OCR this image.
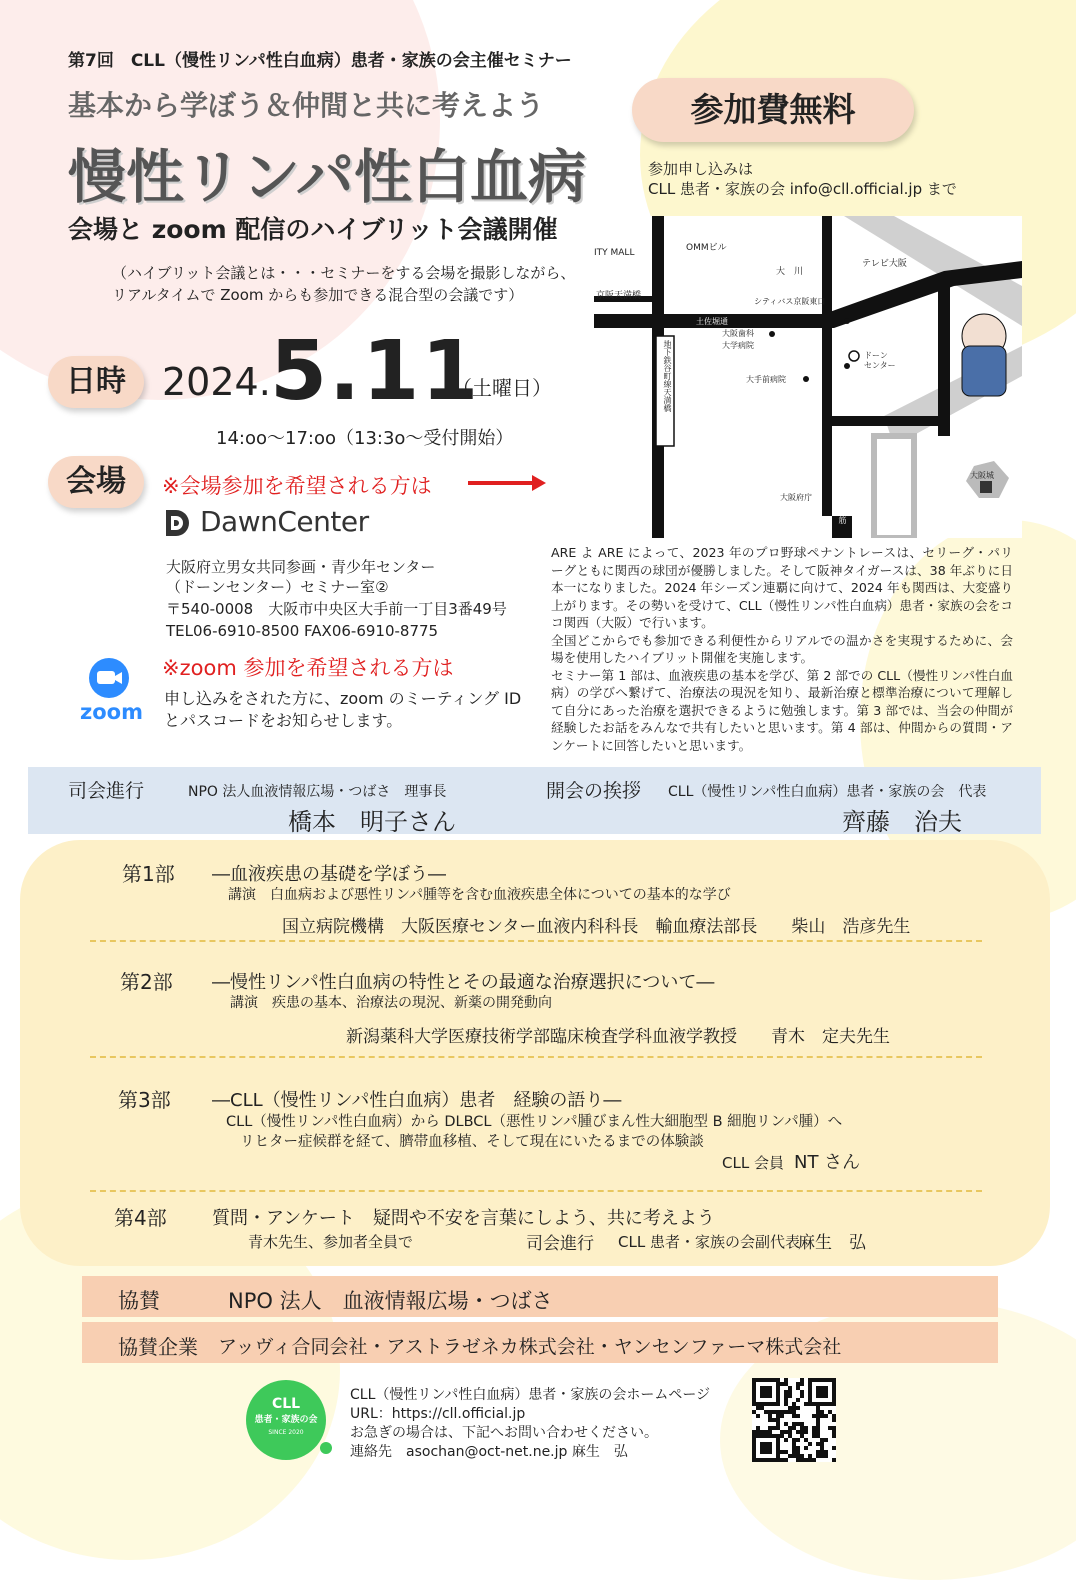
第7回　CLL（慢性リンパ性白血病）患者・家族の会主催セミナー
基本から学ぼう＆仲間と共に考えよう
慢性リンパ性白血病
会場と zoom 配信のハイブリット会議開催
（ハイブリット会議とは・・・セミナーをする会場を撮影しながら、
リアルタイムで Zoom からも参加できる混合型の会議です）
参加費無料
参加申し込みは
CLL 患者・家族の会 info@cll.official.jp まで
日時 2024. 5.11
（土曜日）
14:oo～17:oo（13:3o～受付開始）
会場	※会場参加を希望される方は
DawnCenter
大阪府立男女共同参画・青少年センター
（ドーンセンター）セミナー室②
〒540-0008　大阪市中央区大手前一丁目3番49号
TEL06-6910-8500 FAX06-6910-8775
※zoom 参加を希望される方は
zoom
申し込みをされた方に、zoom のミーティング ID
とパスコードをお知らせします。
ITY MALL	OMMビル
大　川
テレビ大阪
京阪天満橋
シティバス京阪東口
土佐堀通
大阪歯科
大学病院
ドーン
センター
大手前病院
地下鉄谷町線天満橋
大阪城
大阪府庁
上町筋
ARE よ ARE によって、2023 年のプロ野球ペナントレースは、セリーグ・パリーグともに関西の球団が優勝しました。そして阪神タイガースは、38 年ぶりに日本一になりました。2024 年シーズン連覇に向けて、2024 年も関西は、大変盛り上がります。その勢いを受けて、CLL（慢性リンパ性白血病）患者・家族の会をココ関西（大阪）で行います。
全国どこからでも参加できる利便性からリアルでの温かさを実現するために、会場を使用したハイブリット開催を実施します。
セミナー第 1 部は、血液疾患の基本を学び、第 2 部での CLL（慢性リンパ性白血病）の学びへ繋げて、治療法の現況を知り、最新治療と標準治療について理解して自分にあった治療を選択できるように勉強します。第 3 部では、当会の仲間が経験したお話をみんなで共有したいと思います。第 4 部は、仲間からの質問・アンケートに回答したいと思います。
司会進行	NPO 法人血液情報広場・つばさ　理事長
橋本　明子さん
開会の挨拶 CLL（慢性リンパ性白血病）患者・家族の会　代表
齊藤　治夫
第1部 ―血液疾患の基礎を学ぼう―
講演　白血病および悪性リンパ腫等を含む血液疾患全体についての基本的な学び
国立病院機構　大阪医療センター血液内科科長　輸血療法部長　　柴山　浩彦先生
第2部 ―慢性リンパ性白血病の特性とその最適な治療選択について―
講演　疾患の基本、治療法の現況、新薬の開発動向
新潟薬科大学医療技術学部臨床検査学科血液学教授　　青木　定夫先生
第3部 ―CLL（慢性リンパ性白血病）患者　経験の語り―
CLL（慢性リンパ性白血病）から DLBCL（悪性リンパ腫びまん性大細胞型 B 細胞リンパ腫）へ
リヒター症候群を経て、臍帯血移植、そして現在にいたるまでの体験談
CLL 会員 NT さん
第4部	質問・アンケート　疑問や不安を言葉にしよう、共に考えよう
青木先生、参加者全員で	司会進行 CLL 患者・家族の会副代表
麻生　弘
協賛	NPO 法人　血液情報広場・つばさ
協賛企業 アッヴィ合同会社・アストラゼネカ株式会社・ヤンセンファーマ株式会社
CLL
患者・家族の会
SINCE 2020
CLL（慢性リンパ性白血病）患者・家族の会ホームページ
URL：https://cll.official.jp
お急ぎの場合は、下記へお問い合わせください。
連絡先　asochan@oct-net.ne.jp 麻生　弘
